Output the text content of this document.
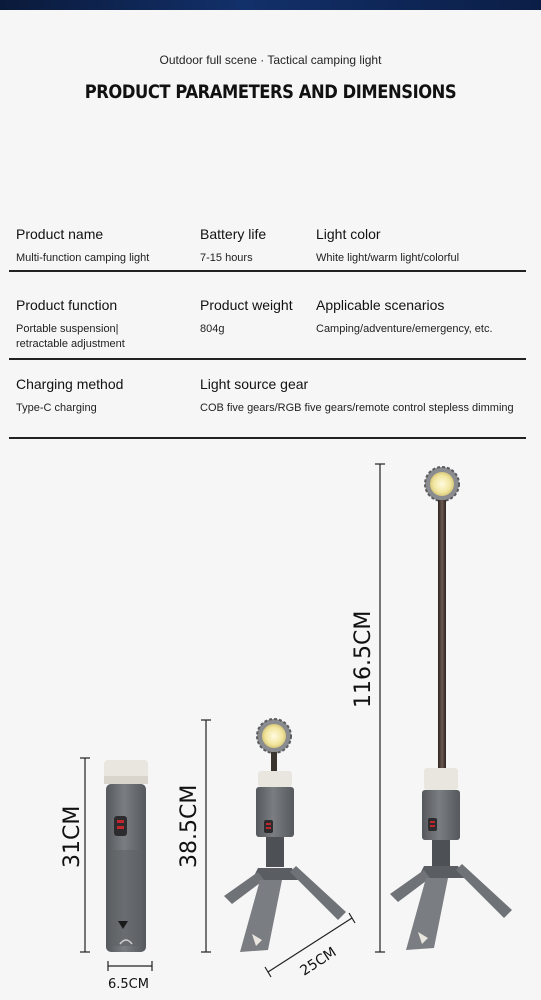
Outdoor full scene · Tactical camping light
PRODUCT PARAMETERS AND DIMENSIONS
Product name
Multi-function camping light
Battery life
7-15 hours
Light color
White light/warm light/colorful
Product function
Portable suspension|
retractable adjustment
Product weight
804g
Applicable scenarios
Camping/adventure/emergency, etc.
Charging method
Type-C charging
Light source gear
COB five gears/RGB five gears/remote control stepless dimming
31CM
6.5CM
38.5CM
25CM
116.5CM
